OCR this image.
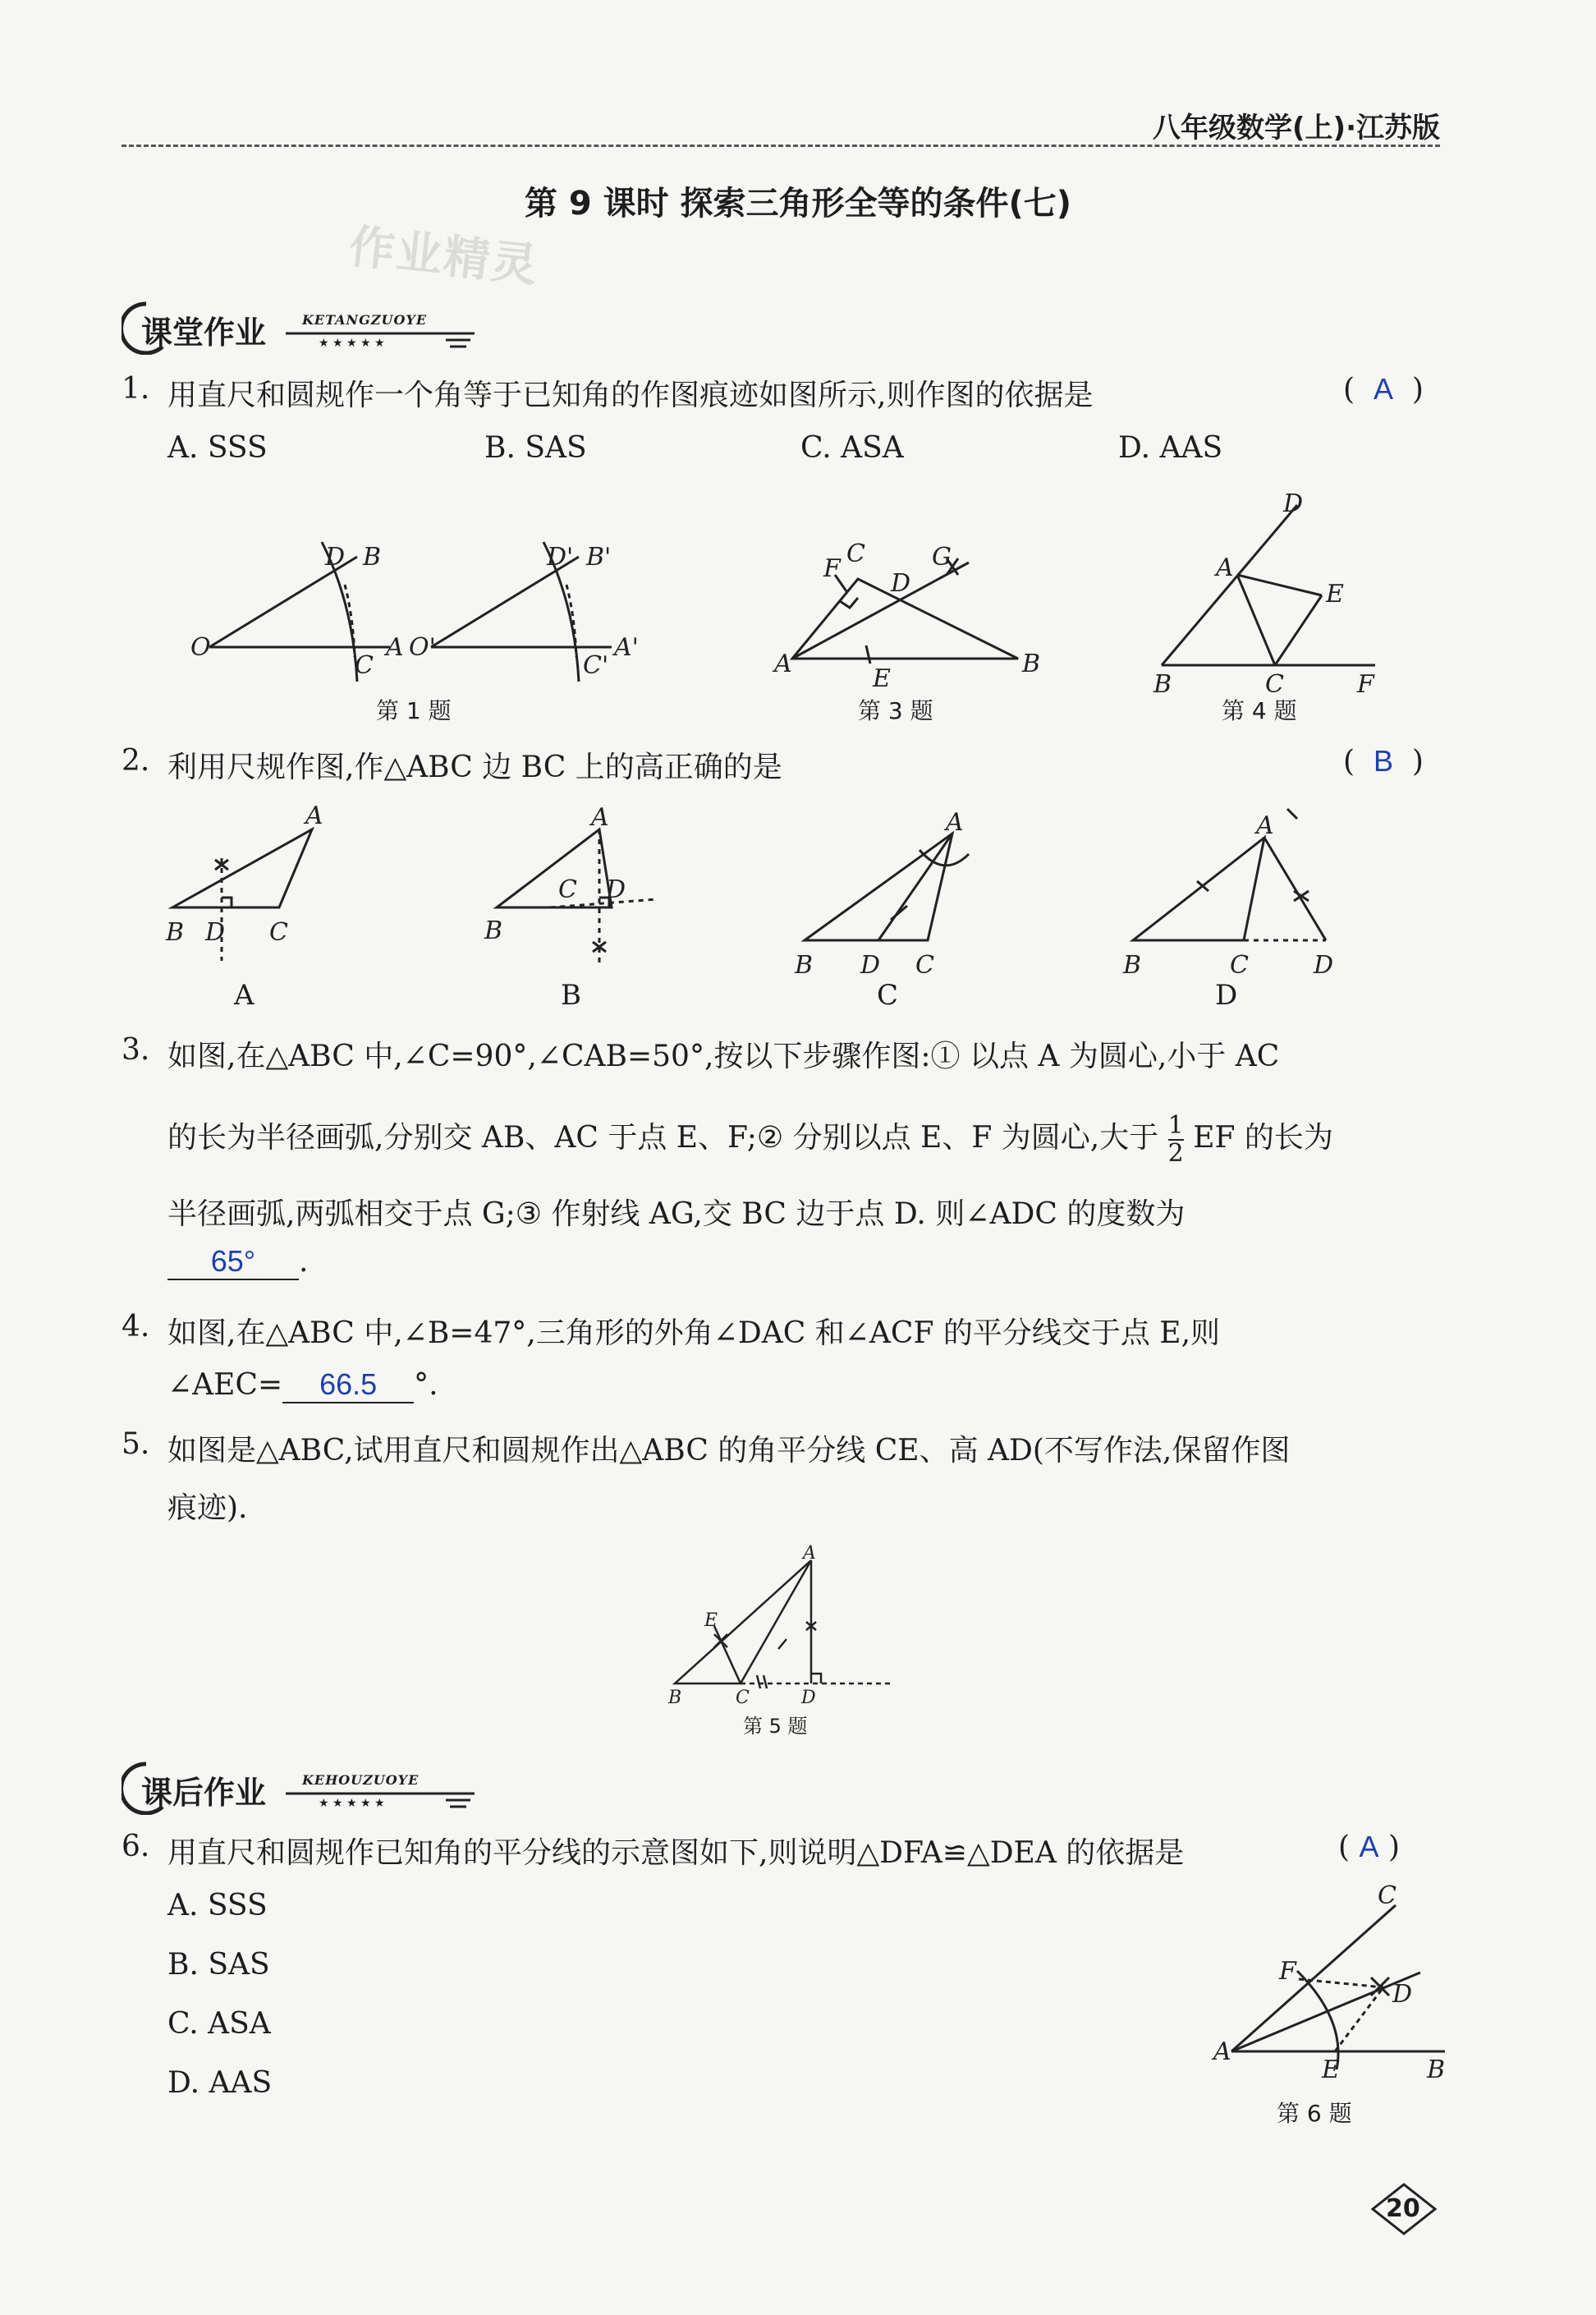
八年级数学(上)·江苏版
第 9 课时 探索三角形全等的条件(七)
作业精灵
课堂作业	KETANGZUOYE
★ ★ ★ ★ ★
1. 用直尺和圆规作一个角等于已知角的作图痕迹如图所示,则作图的依据是	(  A  )
A. SSS	B. SAS	C. ASA	D. AAS
O
D B
C
A O'
D' B'
C'
A'
第 1 题
A
C
F
D
G
B
E
第 3 题
D
A
E
B	C	F
第 4 题
2. 利用尺规作图,作△ABC 边 BC 上的高正确的是	(  B  )
B D C
A
B
C D
A
B D C
A
B	C	D
A
A	B	C	D
3. 如图,在△ABC 中,∠C=90°,∠CAB=50°,按以下步骤作图:① 以点 A 为圆心,小于 AC
的长为半径画弧,分别交 AB、AC 于点 E、F;② 分别以点 E、F 为圆心,大于 $\frac{1}{2}$ EF 的长为
半径画弧,两弧相交于点 G;③ 作射线 AG,交 BC 边于点 D. 则∠ADC 的度数为
65° .
4. 如图,在△ABC 中,∠B=47°,三角形的外角∠DAC 和∠ACF 的平分线交于点 E,则
∠AEC= 66.5 °.
5. 如图是△ABC,试用直尺和圆规作出△ABC 的角平分线 CE、高 AD(不写作法,保留作图
痕迹).
A
E
B	C	D
第 5 题
课后作业	KEHOUZUOYE
★ ★ ★ ★ ★
6. 用直尺和圆规作已知角的平分线的示意图如下,则说明△DFA≌△DEA 的依据是	( A )
A. SSS
B. SAS
C. ASA
D. AAS
A
F
E
D
B
C
第 6 题
20
